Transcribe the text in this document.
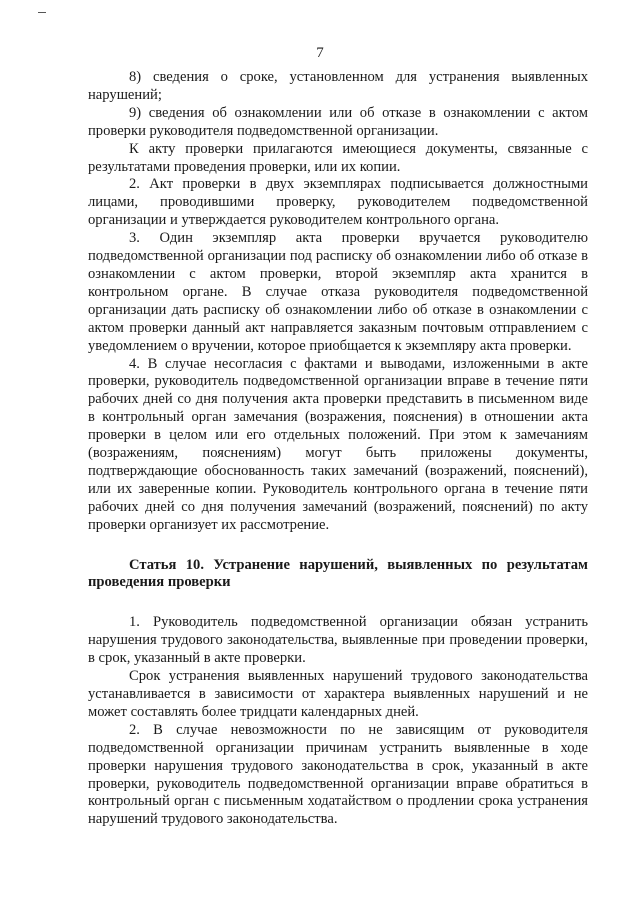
7

8) сведения о сроке, установленном для устранения выявленных нарушений;

9) сведения об ознакомлении или об отказе в ознакомлении с актом проверки руководителя подведомственной организации.

К акту проверки прилагаются имеющиеся документы, связанные с результатами проведения проверки, или их копии.

2. Акт проверки в двух экземплярах подписывается должностными лицами, проводившими проверку, руководителем подведомственной организации и утверждается руководителем контрольного органа.

3. Один экземпляр акта проверки вручается руководителю подведомственной организации под расписку об ознакомлении либо об отказе в ознакомлении с актом проверки, второй экземпляр акта хранится в контрольном органе. В случае отказа руководителя подведомственной организации дать расписку об ознакомлении либо об отказе в ознакомлении с актом проверки данный акт направляется заказным почтовым отправлением с уведомлением о вручении, которое приобщается к экземпляру акта проверки.

4. В случае несогласия с фактами и выводами, изложенными в акте проверки, руководитель подведомственной организации вправе в течение пяти рабочих дней со дня получения акта проверки представить в письменном виде в контрольный орган замечания (возражения, пояснения) в отношении акта проверки в целом или его отдельных положений. При этом к замечаниям (возражениям, пояснениям) могут быть приложены документы, подтверждающие обоснованность таких замечаний (возражений, пояснений), или их заверенные копии. Руководитель контрольного органа в течение пяти рабочих дней со дня получения замечаний (возражений, пояснений) по акту проверки организует их рассмотрение.

Статья 10. Устранение нарушений, выявленных по результатам проведения проверки

1. Руководитель подведомственной организации обязан устранить нарушения трудового законодательства, выявленные при проведении проверки, в срок, указанный в акте проверки.

Срок устранения выявленных нарушений трудового законодательства устанавливается в зависимости от характера выявленных нарушений и не может составлять более тридцати календарных дней.

2. В случае невозможности по не зависящим от руководителя подведомственной организации причинам устранить выявленные в ходе проверки нарушения трудового законодательства в срок, указанный в акте проверки, руководитель подведомственной организации вправе обратиться в контрольный орган с письменным ходатайством о продлении срока устранения нарушений трудового законодательства.
